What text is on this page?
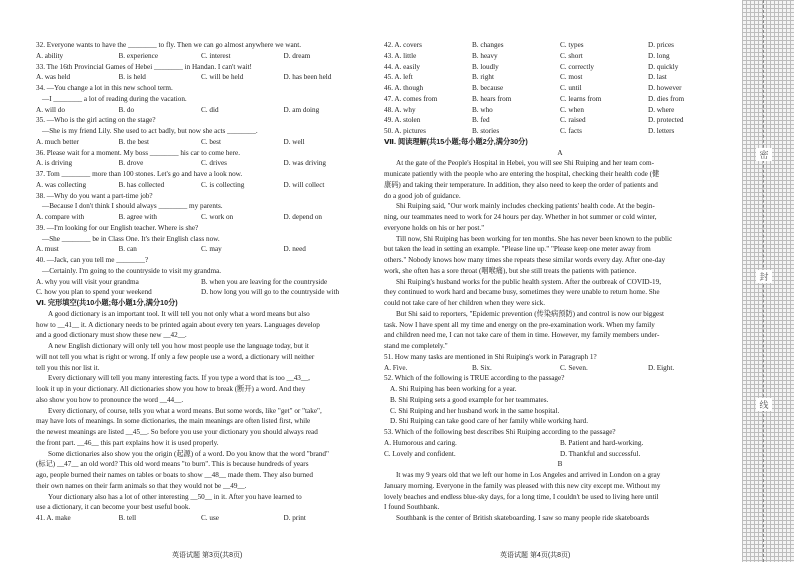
32. Everyone wants to have the ________ to fly. Then we can go almost anywhere we want.
A. ability	B. experience	C. interest	D. dream
33. The 16th Provincial Games of Hebei ________ in Handan. I can't wait!
A. was held	B. is held	C. will be held	D. has been held
34. —You change a lot in this new school term.
—I ________ a lot of reading during the vacation.
A. will do	B. do	C. did	D. am doing
35. —Who is the girl acting on the stage?
—She is my friend Lily. She used to act badly, but now she acts ________.
A. much better	B. the best	C. best	D. well
36. Please wait for a moment. My boss ________ his car to come here.
A. is driving	B. drove	C. drives	D. was driving
37. Tom ________ more than 100 stones. Let's go and have a look now.
A. was collecting	B. has collected	C. is collecting	D. will collect
38. —Why do you want a part-time job?
—Because I don't think I should always ________ my parents.
A. compare with	B. agree with	C. work on	D. depend on
39. —I'm looking for our English teacher. Where is she?
—She ________ be in Class One. It's their English class now.
A. must	B. can	C. may	D. need
40. —Jack, can you tell me ________?
—Certainly. I'm going to the countryside to visit my grandma.
A. why you will visit your grandma	B. when you are leaving for the countryside
C. how you plan to spend your weekend	D. how long you will go to the countryside with
Ⅵ. 完形填空(共10小题;每小题1分,满分10分)
A good dictionary is an important tool. It will tell you not only what a word means but also
how to __41__ it. A dictionary needs to be printed again about every ten years. Languages develop
and a good dictionary must show these new __42__.
A new English dictionary will only tell you how most people use the language today, but it
will not tell you what is right or wrong. If only a few people use a word, a dictionary will neither
tell you this nor list it.
Every dictionary will tell you many interesting facts. If you type a word that is too __43__,
look it up in your dictionary. All dictionaries show you how to break (断开) a word. And they
also show you how to pronounce the word __44__.
Every dictionary, of course, tells you what a word means. But some words, like "get" or "take",
may have lots of meanings. In some dictionaries, the main meanings are often listed first, while
the newest meanings are listed __45__. So before you use your dictionary you should always read
the front part. __46__ this part explains how it is used properly.
Some dictionaries also show you the origin (起源) of a word. Do you know that the word "brand"
(标记) __47__ an old word? This old word means "to burn". This is because hundreds of years
ago, people burned their names on tables or boats to show __48__ made them. They also burned
their own names on their farm animals so that they would not be __49__.
Your dictionary also has a lot of other interesting __50__ in it. After you have learned to
use a dictionary, it can become your best useful book.
41. A. make	B. tell	C. use	D. print
42. A. covers	B. changes	C. types	D. prices
43. A. little	B. heavy	C. short	D. long
44. A. easily	B. loudly	C. correctly	D. quickly
45. A. left	B. right	C. most	D. last
46. A. though	B. because	C. until	D. however
47. A. comes from	B. hears from	C. learns from	D. dies from
48. A. why	B. who	C. when	D. where
49. A. stolen	B. fed	C. raised	D. protected
50. A. pictures	B. stories	C. facts	D. letters
Ⅶ. 阅读理解(共15小题;每小题2分,满分30分)
A
At the gate of the People's Hospital in Hebei, you will see Shi Ruiping and her team com-
municate patiently with the people who are entering the hospital, checking their health code (健
康码) and taking their temperature. In addition, they also need to keep the order of patients and
do a good job of guidance.
Shi Ruiping said, "Our work mainly includes checking patients' health code. At the begin-
ning, our teammates need to work for 24 hours per day. Whether in hot summer or cold winter,
everyone holds on his or her post."
Till now, Shi Ruiping has been working for ten months. She has never been known to the public
but taken the lead in setting an example. "Please line up." "Please keep one meter away from
others." Nobody knows how many times she repeats these similar words every day. After one-day
work, she often has a sore throat (咽喉痛), but she still treats the patients with patience.
Shi Ruiping's husband works for the public health system. After the outbreak of COVID-19,
they continued to work hard and became busy, sometimes they were unable to return home. She
could not take care of her children when they were sick.
But Shi said to reporters, "Epidemic prevention (传染病预防) and control is now our biggest
task. Now I have spent all my time and energy on the pre-examination work. When my family
and children need me, I can not take care of them in time. However, my family members under-
stand me completely."
51. How many tasks are mentioned in Shi Ruiping's work in Paragraph 1?
A. Five.	B. Six.	C. Seven.	D. Eight.
52. Which of the following is TRUE according to the passage?
A. Shi Ruiping has been working for a year.
B. Shi Ruiping sets a good example for her teammates.
C. Shi Ruiping and her husband work in the same hospital.
D. Shi Ruiping can take good care of her family while working hard.
53. Which of the following best describes Shi Ruiping according to the passage?
A. Humorous and caring.	B. Patient and hard-working.
C. Lovely and confident.	D. Thankful and successful.
B
It was my 9 years old that we left our home in Los Angeles and arrived in London on a gray
January morning. Everyone in the family was pleased with this new city except me. Without my
lovely beaches and endless blue-sky days, for a long time, I couldn't be used to living here until
I found Southbank.
Southbank is the center of British skateboarding. I saw so many people ride skateboards
英语试题 第3页(共8页)	英语试题 第4页(共8页)
密
封
线
